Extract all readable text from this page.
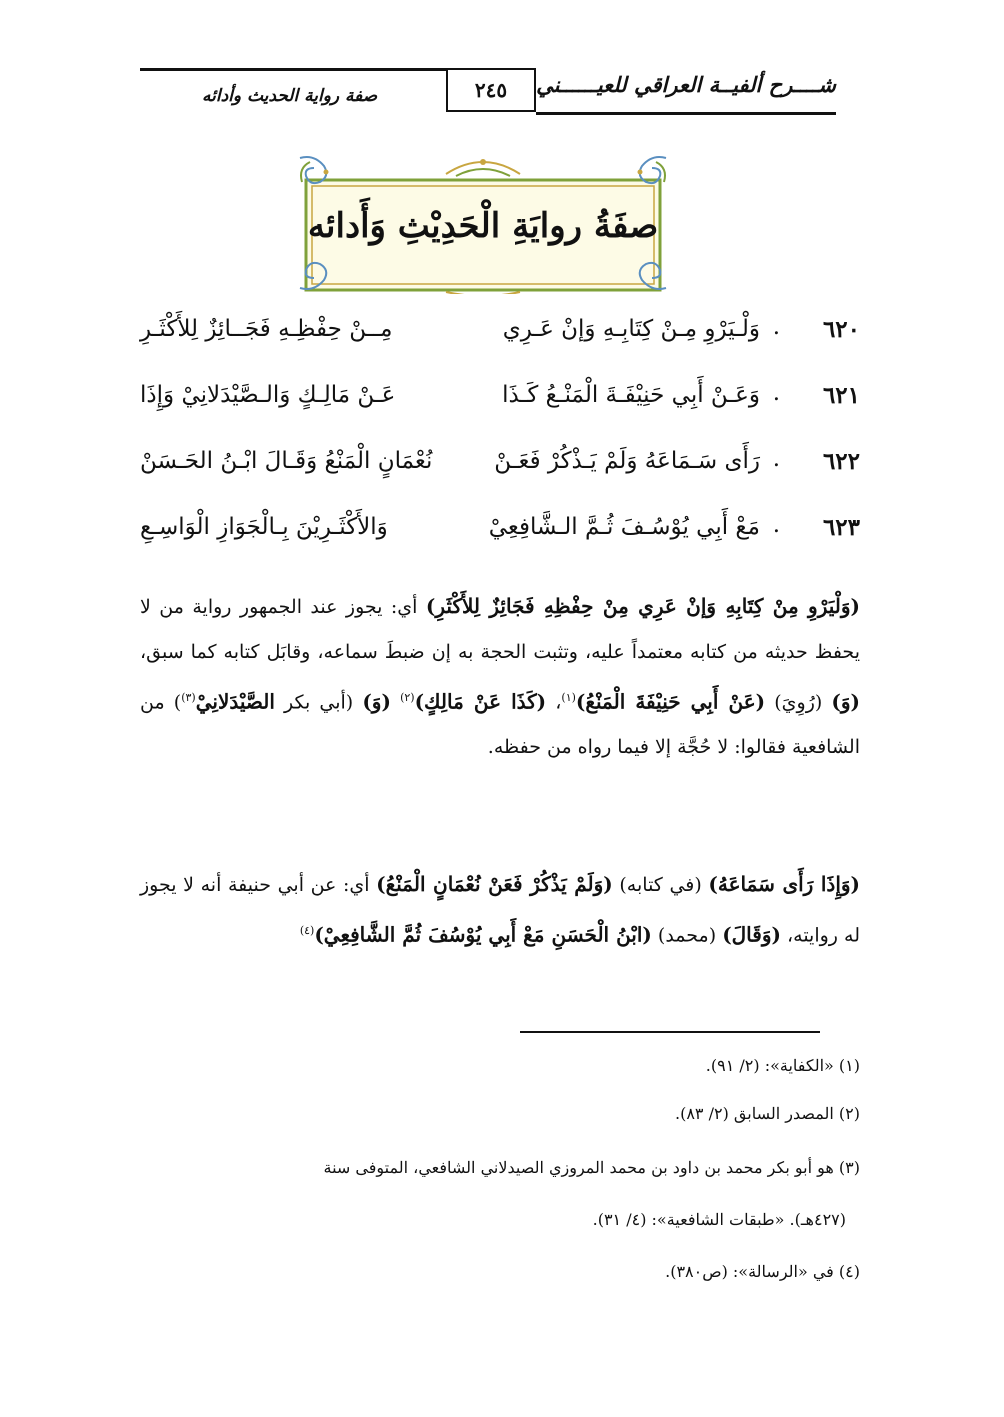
شــــرح ألفيــة العراقي للعيــــــني
٢٤٥
صفة رواية الحديث وأدائه
صفَةُ روايَةِ الْحَدِيْثِ وَأَدائه
٦٢٠
.
وَلْـيَرْوِ مِـنْ كِتَابِـهِ وَإنْ عَـرِي
مِــنْ حِفْظِـهِ فَجَــائِزٌ لِلأَكْثَـرِ
٦٢١
.
وَعَـنْ أَبِي حَنِيْفَـةَ الْمَنْـعُ كَـذَا
عَـنْ مَالِـكٍ وَالـصَّيْدَلانِيْ وَإِذَا
٦٢٢
.
رَأَى سَـمَاعَهُ وَلَمْ يَـذْكُرْ فَعَـنْ
نُعْمَانٍ الْمَنْعُ وَقَـالَ ابْـنُ الحَـسَنْ
٦٢٣
.
مَعْ أَبِي يُوْسُـفَ ثُـمَّ الـشَّافِعِيْ
وَالأَكْثَـرِيْنَ بِـالْجَوَازِ الْوَاسِـعِ
(وَلْيَرْوِ مِنْ كِتَابِهِ وَإنْ عَرِي مِنْ حِفْظِهِ فَجَائِزٌ لِلأَكْثَرِ) أي: يجوز عند الجمهور رواية من لا يحفظ حديثه من كتابه معتمداً عليه، وتثبت الحجة به إن ضبطَ سماعه، وقابَل كتابه كما سبق، (وَ) (رُوِيَ) (عَنْ أَبِي حَنِيْفَةَ الْمَنْعُ)$^{(١)}$، (كَذَا عَنْ مَالِكٍ)$^{(٢)}$ (وَ) (أبي بكر الصَّيْدَلانِيْ$^{(٣)}$) من الشافعية فقالوا: لا حُجَّة إلا فيما رواه من حفظه.
(وَإِذَا رَأَى سَمَاعَهُ) (في كتابه) (وَلَمْ يَذْكُرْ فَعَنْ نُعْمَانٍ الْمَنْعُ) أي: عن أبي حنيفة أنه لا يجوز له روايته، (وَقَالَ) (محمد) (ابْنُ الْحَسَنِ مَعْ أَبِي يُوْسُفَ ثُمَّ الشَّافِعِيْ)$^{(٤)}$
(١) «الكفاية»: (٢/ ٩١).
(٢) المصدر السابق (٢/ ٨٣).
(٣) هو أبو بكر محمد بن داود بن محمد المروزي الصيدلاني الشافعي، المتوفى سنة
(٤٢٧هـ). «طبقات الشافعية»: (٤/ ٣١).
(٤) في «الرسالة»: (ص٣٨٠).
